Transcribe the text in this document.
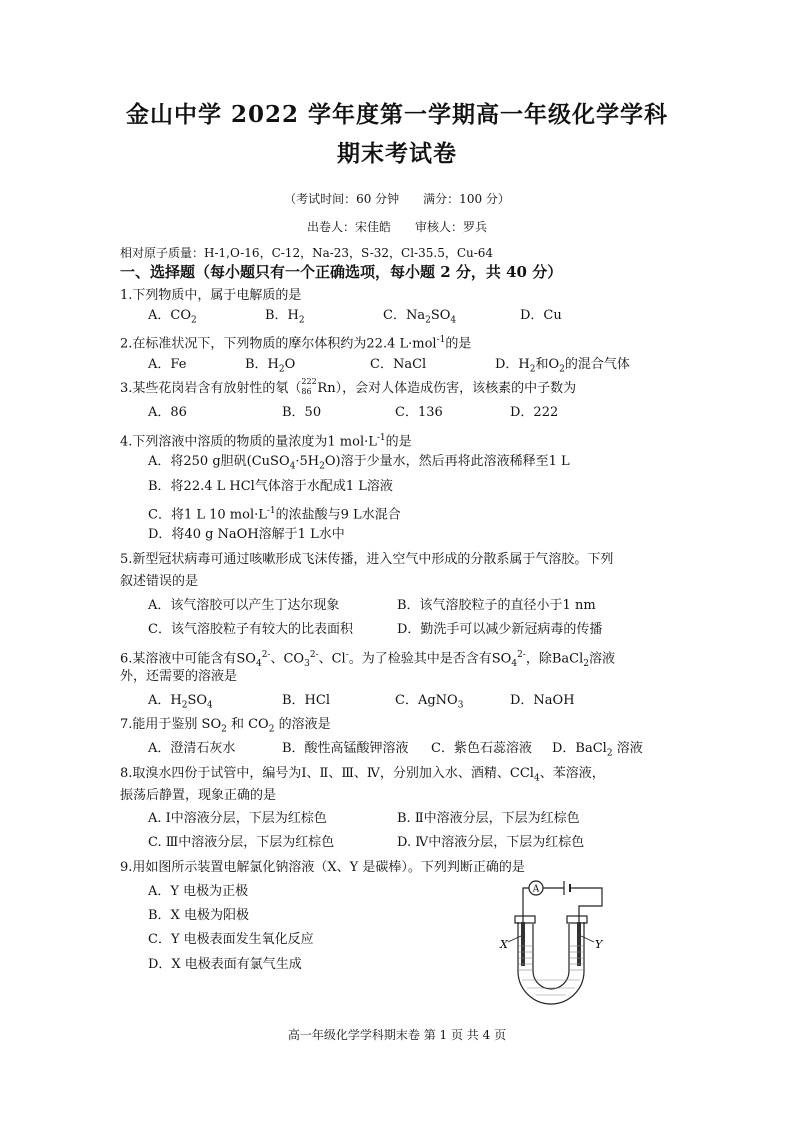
金山中学 2022 学年度第一学期高一年级化学学科
期末考试卷
（考试时间：60 分钟　　满分：100 分）
出卷人：宋佳皓　　审核人：罗兵
相对原子质量：H-1,O-16，C-12，Na-23，S-32，Cl-35.5，Cu-64
一、选择题（每小题只有一个正确选项，每小题 2 分，共 40 分）
1.下列物质中，属于电解质的是
A．$CO_2$	B．$H_2$	C．$Na_2SO_4$	D．Cu
2.在标准状况下，下列物质的摩尔体积约为22.4 L·mol$^{-1}$的是
A．Fe	B．$H_2O$	C．NaCl	D．$H_2$和$O_2$的混合气体
3.某些花岗岩含有放射性的氡（ 222
86 Rn），会对人体造成伤害，该核素的中子数为
A．86	B．50	C．136	D．222
4.下列溶液中溶质的物质的量浓度为1 $mol\cdot L^{-1}$的是
A．将250 g胆矾$(CuSO_4\cdot 5H_2O)$溶于少量水，然后再将此溶液稀释至1 L
B．将22.4 L HCl气体溶于水配成1 L溶液
C．将1 L 10 $mol\cdot L^{-1}$的浓盐酸与9 L水混合
D．将40 g NaOH溶解于1 L水中
5.新型冠状病毒可通过咳嗽形成飞沫传播，进入空气中形成的分散系属于气溶胶。下列
叙述错误的是
A．该气溶胶可以产生丁达尔现象	B．该气溶胶粒子的直径小于1 nm
C．该气溶胶粒子有较大的比表面积	D．勤洗手可以减少新冠病毒的传播
6.某溶液中可能含有$SO_4^{2-}$、$CO_3^{2-}$、Cl-。为了检验其中是否含有$SO_4^{2-}$，除BaCl$_2$溶液
外，还需要的溶液是
A．$H_2SO_4$	B．HCl	C．AgNO$_3$	D．NaOH
7.能用于鉴别 $SO_2$ 和 $CO_2$ 的溶液是
A．澄清石灰水	B．酸性高锰酸钾溶液 C．紫色石蕊溶液 D．BaCl$_2$ 溶液
8.取溴水四份于试管中，编号为Ⅰ、Ⅱ、Ⅲ、Ⅳ，分别加入水、酒精、CCl$_4$、苯溶液，
振荡后静置，现象正确的是
A. Ⅰ中溶液分层，下层为红棕色	B. Ⅱ中溶液分层，下层为红棕色
C. Ⅲ中溶液分层，下层为红棕色	D. Ⅳ中溶液分层，下层为红棕色
9.用如图所示装置电解氯化钠溶液（X、Y 是碳棒）。下列判断正确的是
A．Y 电极为正极
B．X 电极为阳极
C．Y 电极表面发生氧化反应
D．X 电极表面有氯气生成
A
X	Y
高一年级化学学科期末卷 第 1 页 共 4 页
